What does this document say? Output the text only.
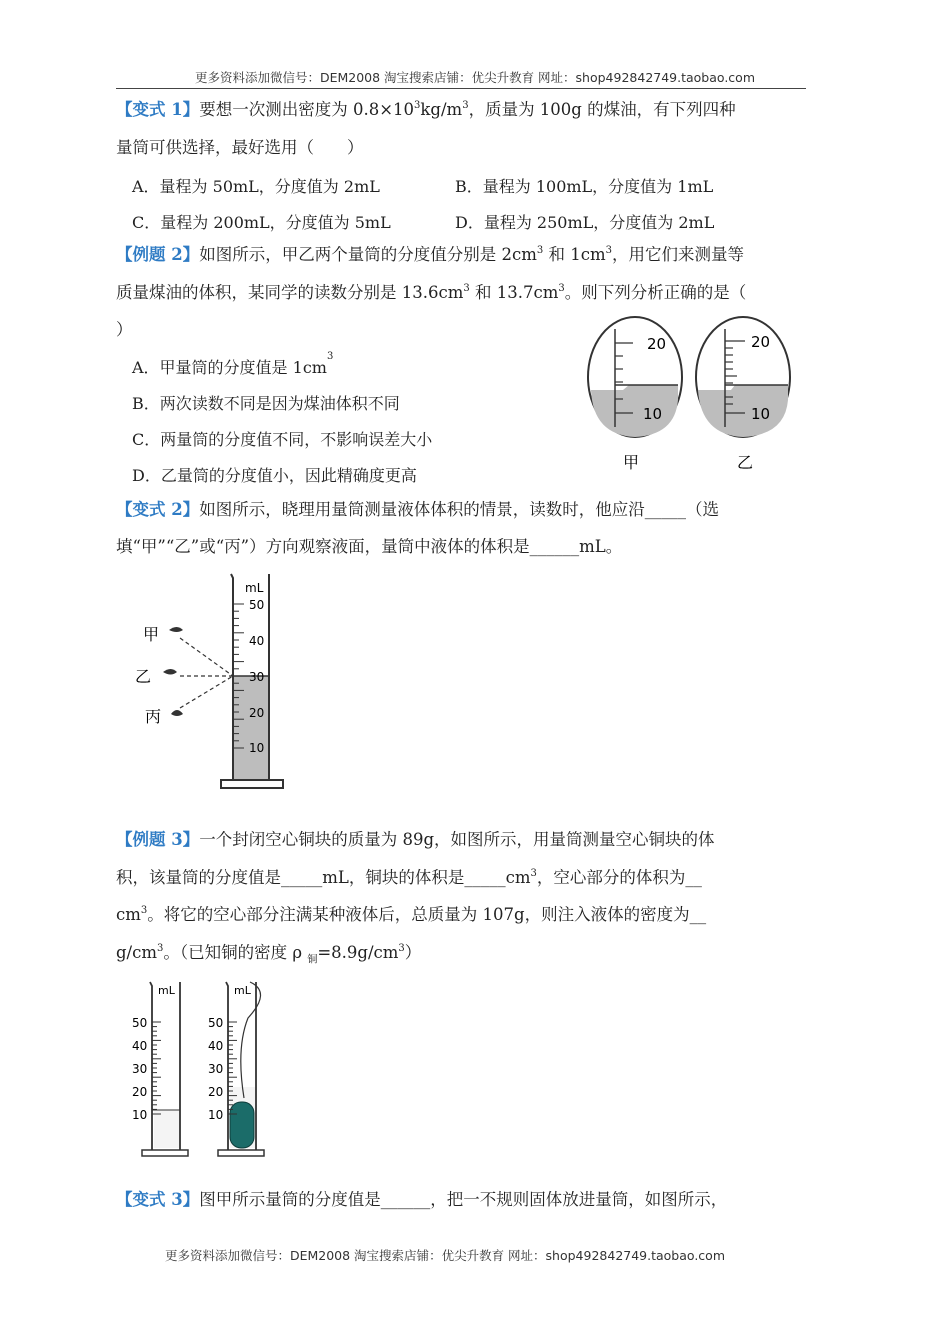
更多资料添加微信号：DEM2008 淘宝搜索店铺：优尖升教育 网址：shop492842749.taobao.com
【变式 1】要想一次测出密度为 $0.8\times 10^3kg/m^3$，质量为 100g 的煤油，有下列四种
量筒可供选择，最好选用（　　）
A．量程为 50mL，分度值为 2mL	B．量程为 100mL，分度值为 1mL
C．量程为 200mL，分度值为 5mL	D．量程为 250mL，分度值为 2mL
【例题 2】如图所示，甲乙两个量筒的分度值分别是 $2cm^3$ 和 $1cm^3$，用它们来测量等
质量煤油的体积，某同学的读数分别是 $13.6cm^3$ 和 $13.7cm^3$。则下列分析正确的是（
）
A．甲量筒的分度值是 $1cm^3$
B．两次读数不同是因为煤油体积不同
C．两量筒的分度值不同，不影响误差大小
D．乙量筒的分度值小，因此精确度更高
20
10
甲
20
10
乙
【变式 2】如图所示，晓理用量筒测量液体体积的情景，读数时，他应沿_____（选
填“甲”“乙”或“丙”）方向观察液面，量筒中液体的体积是______mL。
mL
50
40
30
20
10
甲
乙
丙
【例题 3】一个封闭空心铜块的质量为 89g，如图所示，用量筒测量空心铜块的体
积，该量筒的分度值是_____mL，铜块的体积是$\_\_\_\_\_cm^3$，空心部分的体积为__
$cm^3$。将它的空心部分注满某种液体后，总质量为 107g，则注入液体的密度为__
$g/cm^3$。（已知铜的密度 ρ $_铜=8.9g/cm^3$）
mL
50
40
30
20
10
mL
50
40
30
20
10
【变式 3】图甲所示量筒的分度值是______，把一不规则固体放进量筒，如图所示，
更多资料添加微信号：DEM2008 淘宝搜索店铺：优尖升教育 网址：shop492842749.taobao.com
